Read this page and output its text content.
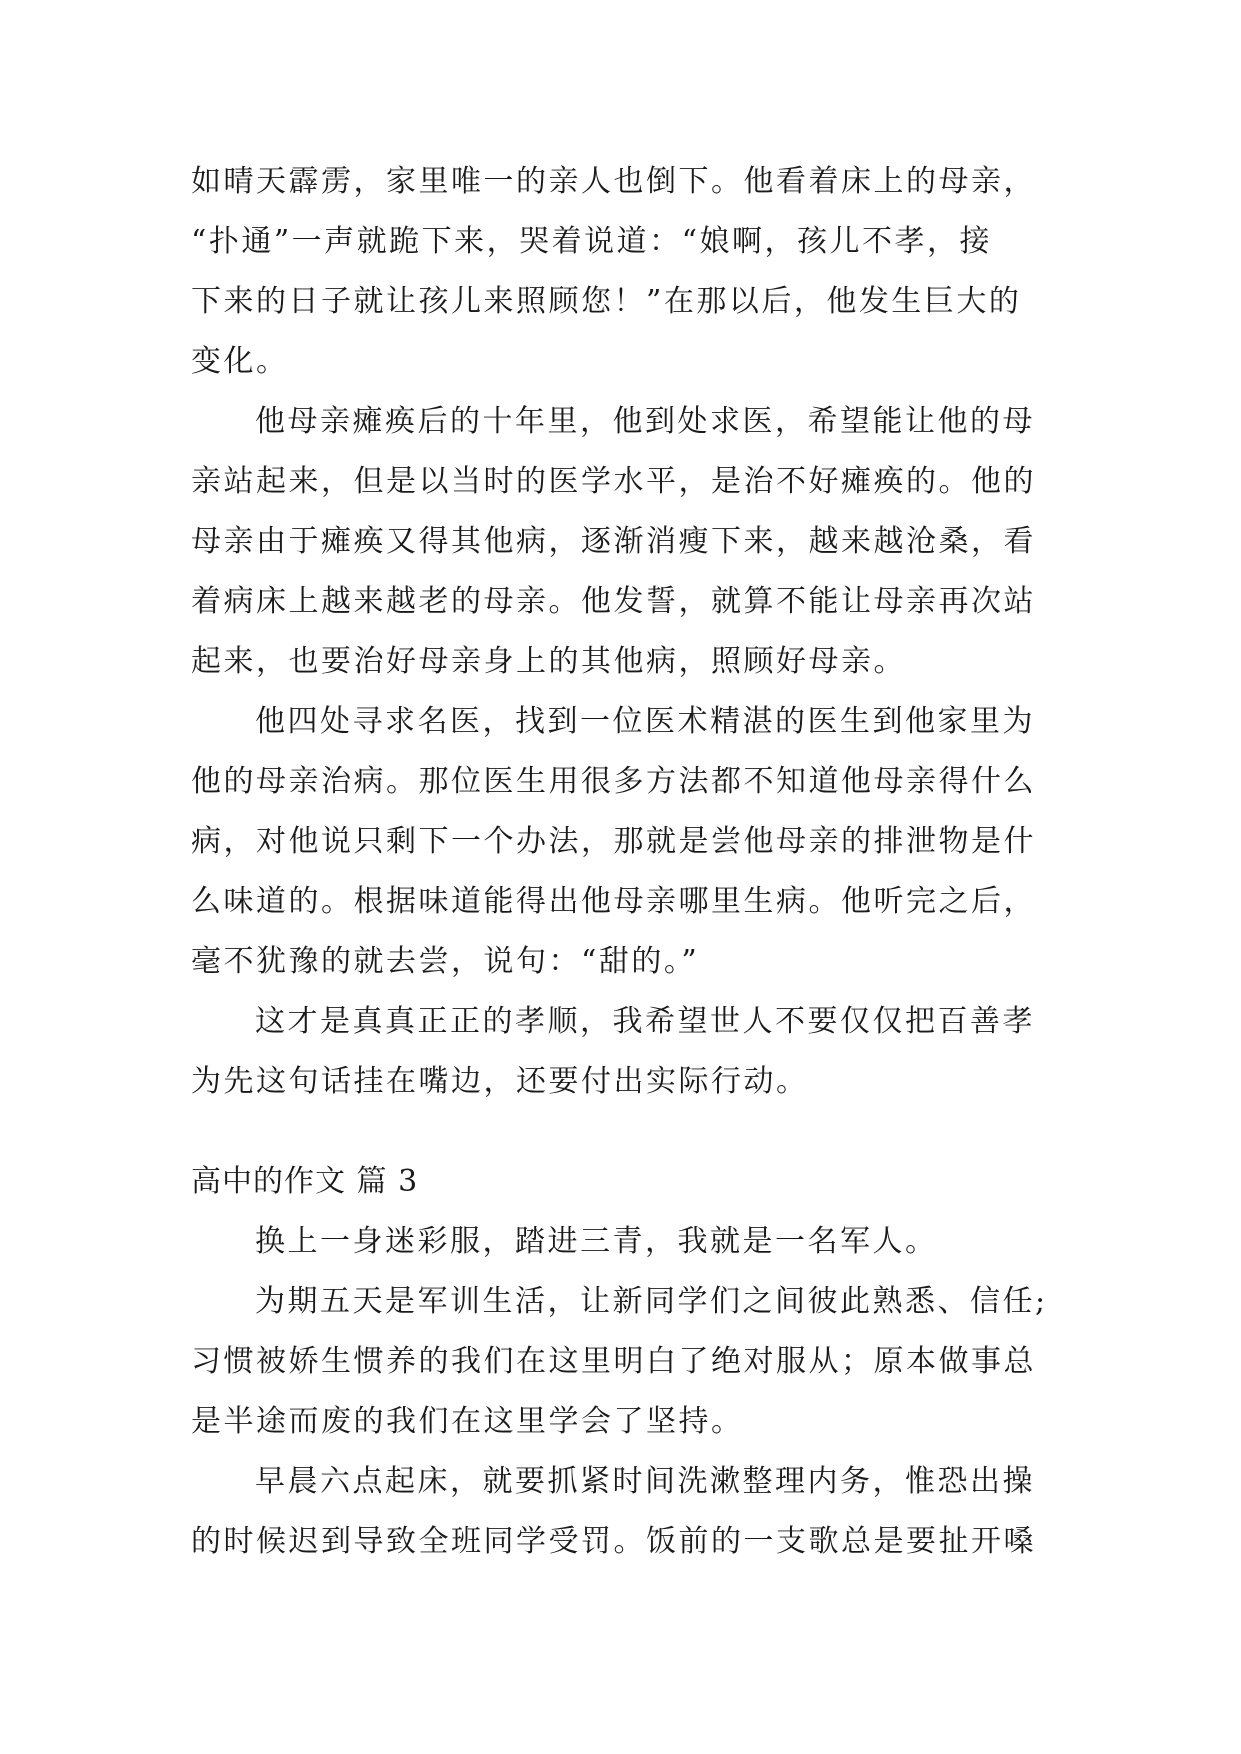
如晴天霹雳，家里唯一的亲人也倒下。他看着床上的母亲，
“扑通”一声就跪下来，哭着说道：“娘啊，孩儿不孝，接
下来的日子就让孩儿来照顾您！”在那以后，他发生巨大的
变化。
他母亲瘫痪后的十年里，他到处求医，希望能让他的母
亲站起来，但是以当时的医学水平，是治不好瘫痪的。他的
母亲由于瘫痪又得其他病，逐渐消瘦下来，越来越沧桑，看
着病床上越来越老的母亲。他发誓，就算不能让母亲再次站
起来，也要治好母亲身上的其他病，照顾好母亲。
他四处寻求名医，找到一位医术精湛的医生到他家里为
他的母亲治病。那位医生用很多方法都不知道他母亲得什么
病，对他说只剩下一个办法，那就是尝他母亲的排泄物是什
么味道的。根据味道能得出他母亲哪里生病。他听完之后，
毫不犹豫的就去尝，说句：“甜的。”
这才是真真正正的孝顺，我希望世人不要仅仅把百善孝
为先这句话挂在嘴边，还要付出实际行动。
高中的作文 篇 3
换上一身迷彩服，踏进三青，我就是一名军人。
为期五天是军训生活，让新同学们之间彼此熟悉、信任;
习惯被娇生惯养的我们在这里明白了绝对服从；原本做事总
是半途而废的我们在这里学会了坚持。
早晨六点起床，就要抓紧时间洗漱整理内务，惟恐出操
的时候迟到导致全班同学受罚。饭前的一支歌总是要扯开嗓
